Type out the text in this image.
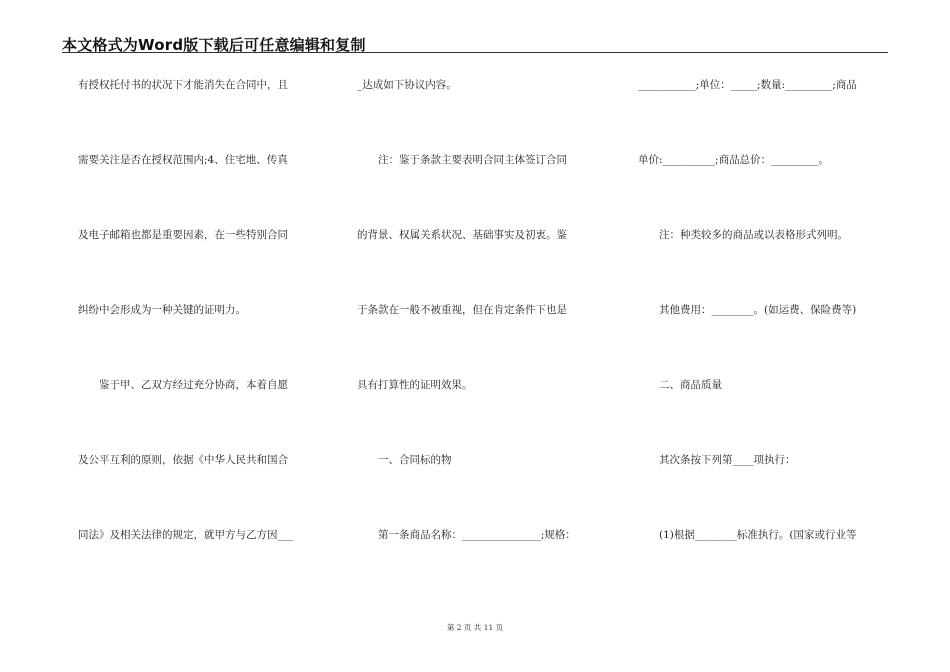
本文格式为Word版下载后可任意编辑和复制
有授权托付书的状况下才能消失在合同中，且
需要关注是否在授权范围内;4、住宅地、传真
及电子邮箱也都是重要因素，在一些特别合同
纠纷中会形成为一种关键的证明力。
　　鉴于甲、乙双方经过充分协商，本着自愿
及公平互利的原则，依据《中华人民共和国合
同法》及相关法律的规定，就甲方与乙方因___
_达成如下协议内容。
　　注：鉴于条款主要表明合同主体签订合同
的背景、权属关系状况、基础事实及初衷。鉴
于条款在一般不被重视，但在肯定条件下也是
具有打算性的证明效果。
　　一、合同标的物
　　第一条商品名称：_______________;规格：
___________;单位：_____;数量:_________;商品
单价:__________;商品总价：_________。
　　注：种类较多的商品或以表格形式列明。
　　其他费用：________。(如运费、保险费等)
　　二、商品质量
　　其次条按下列第____项执行：
　　(1)根据________标准执行。(国家或行业等
第 2 页 共 11 页
